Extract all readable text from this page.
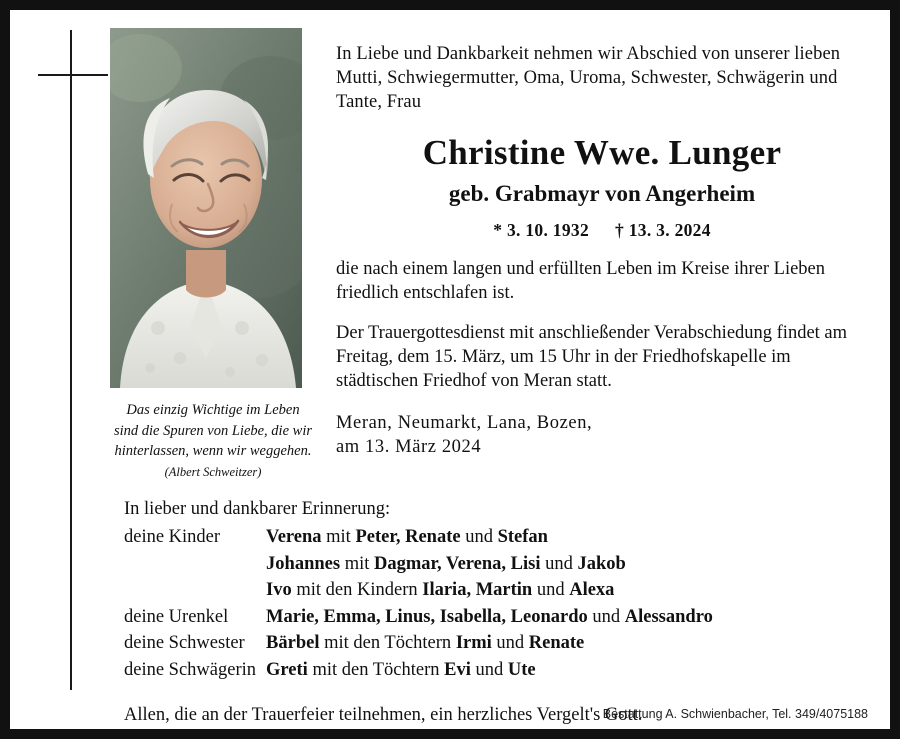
Das einzig Wichtige im Leben
sind die Spuren von Liebe, die wir
hinterlassen, wenn wir weggehen.
(Albert Schweitzer)
In Liebe und Dankbarkeit nehmen wir Abschied von unserer lieben Mutti, Schwiegermutter, Oma, Uroma, Schwester, Schwägerin und Tante, Frau
Christine Wwe. Lunger
geb. Grabmayr von Angerheim
* 3. 10. 1932 † 13. 3. 2024
die nach einem langen und erfüllten Leben im Kreise ihrer Lieben friedlich entschlafen ist.
Der Trauergottesdienst mit anschließender Verabschiedung findet am Freitag, dem 15. März, um 15 Uhr in der Friedhofskapelle im städtischen Friedhof von Meran statt.
Meran, Neumarkt, Lana, Bozen,
am 13. März 2024
In lieber und dankbarer Erinnerung:
deine Kinder	Verena mit Peter, Renate und Stefan
	Johannes mit Dagmar, Verena, Lisi und Jakob
	Ivo mit den Kindern Ilaria, Martin und Alexa
deine Urenkel	Marie, Emma, Linus, Isabella, Leonardo und Alessandro
deine Schwester	Bärbel mit den Töchtern Irmi und Renate
deine Schwägerin	Greti mit den Töchtern Evi und Ute
Allen, die an der Trauerfeier teilnehmen, ein herzliches Vergelt's Gott.
Bestattung A. Schwienbacher, Tel. 349/4075188
